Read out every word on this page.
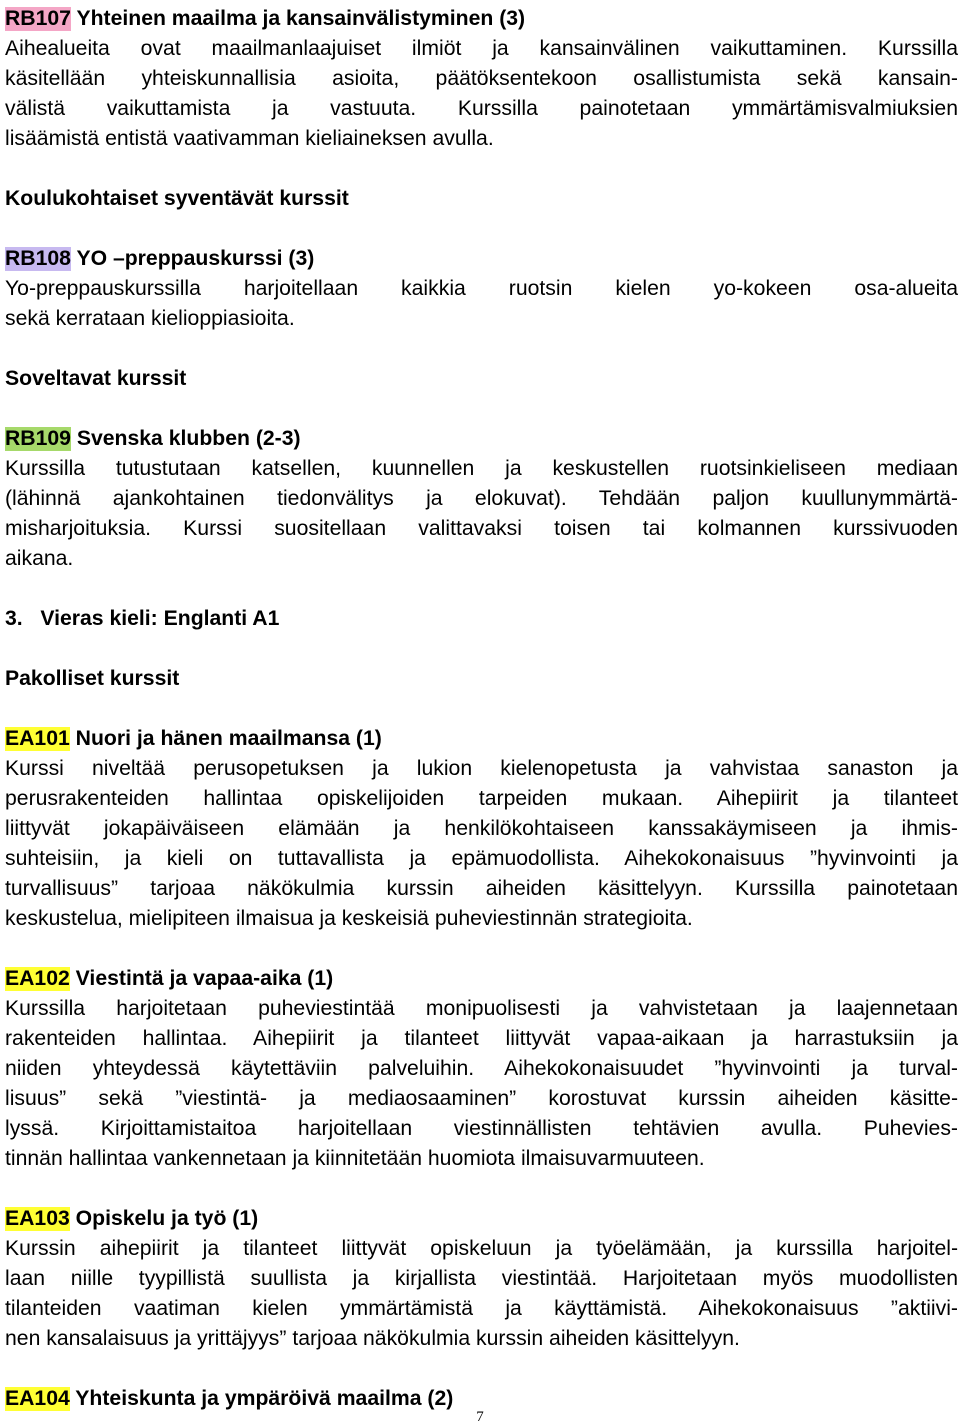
RB107 Yhteinen maailma ja kansainvälistyminen (3)
Aihealueita ovat maailmanlaajuiset ilmiöt ja kansainvälinen vaikuttaminen. Kurssilla
käsitellään yhteiskunnallisia asioita, päätöksentekoon osallistumista sekä kansain-
välistä vaikuttamista ja vastuuta. Kurssilla painotetaan ymmärtämisvalmiuksien
lisäämistä entistä vaativamman kieliaineksen avulla.
Koulukohtaiset syventävät kurssit
RB108 YO –preppauskurssi (3)
Yo-preppauskurssilla harjoitellaan kaikkia ruotsin kielen yo-kokeen osa-alueita
sekä kerrataan kielioppiasioita.
Soveltavat kurssit
RB109 Svenska klubben (2-3)
Kurssilla tutustutaan katsellen, kuunnellen ja keskustellen ruotsinkieliseen mediaan
(lähinnä ajankohtainen tiedonvälitys ja elokuvat). Tehdään paljon kuullunymmärtä-
misharjoituksia. Kurssi suositellaan valittavaksi toisen tai kolmannen kurssivuoden
aikana.
3.   Vieras kieli: Englanti A1
Pakolliset kurssit
EA101 Nuori ja hänen maailmansa (1)
Kurssi niveltää perusopetuksen ja lukion kielenopetusta ja vahvistaa sanaston ja
perusrakenteiden hallintaa opiskelijoiden tarpeiden mukaan. Aihepiirit ja tilanteet
liittyvät jokapäiväiseen elämään ja henkilökohtaiseen kanssakäymiseen ja ihmis-
suhteisiin, ja kieli on tuttavallista ja epämuodollista. Aihekokonaisuus ”hyvinvointi ja
turvallisuus” tarjoaa näkökulmia kurssin aiheiden käsittelyyn. Kurssilla painotetaan
keskustelua, mielipiteen ilmaisua ja keskeisiä puheviestinnän strategioita.
EA102 Viestintä ja vapaa-aika (1)
Kurssilla harjoitetaan puheviestintää monipuolisesti ja vahvistetaan ja laajennetaan
rakenteiden hallintaa. Aihepiirit ja tilanteet liittyvät vapaa-aikaan ja harrastuksiin ja
niiden yhteydessä käytettäviin palveluihin. Aihekokonaisuudet ”hyvinvointi ja turval-
lisuus” sekä ”viestintä- ja mediaosaaminen” korostuvat kurssin aiheiden käsitte-
lyssä. Kirjoittamistaitoa harjoitellaan viestinnällisten tehtävien avulla. Puhevies-
tinnän hallintaa vankennetaan ja kiinnitetään huomiota ilmaisuvarmuuteen.
EA103 Opiskelu ja työ (1)
Kurssin aihepiirit ja tilanteet liittyvät opiskeluun ja työelämään, ja kurssilla harjoitel-
laan niille tyypillistä suullista ja kirjallista viestintää. Harjoitetaan myös muodollisten
tilanteiden vaatiman kielen ymmärtämistä ja käyttämistä. Aihekokonaisuus ”aktiivi-
nen kansalaisuus ja yrittäjyys” tarjoaa näkökulmia kurssin aiheiden käsittelyyn.
EA104 Yhteiskunta ja ympäröivä maailma (2)
7
